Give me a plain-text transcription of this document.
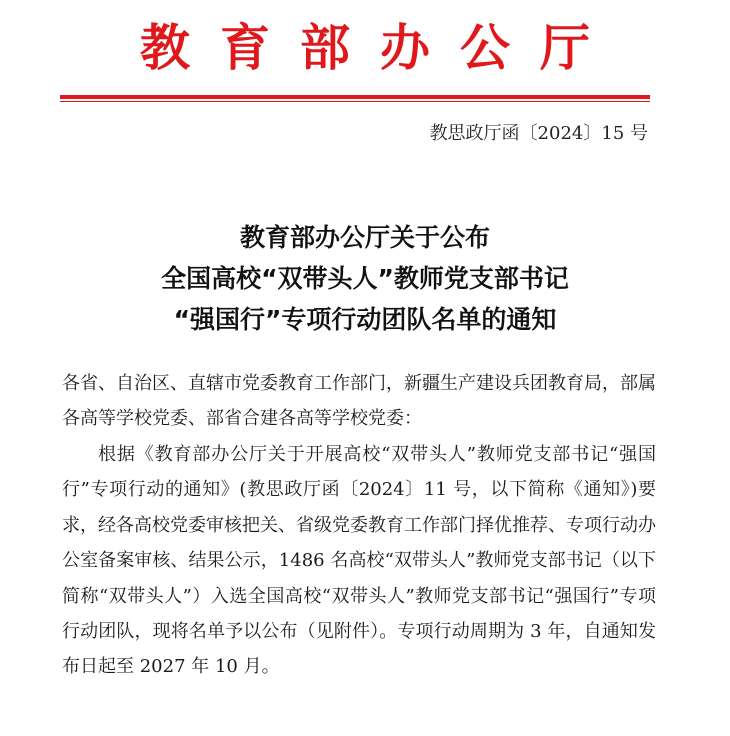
教育部办公厅
教思政厅函〔2024〕15 号
教育部办公厅关于公布
全国高校“双带头人”教师党支部书记
“强国行”专项行动团队名单的通知
各省、自治区、直辖市党委教育工作部门，新疆生产建设兵团教育局，部属各高等学校党委、部省合建各高等学校党委：
根据《教育部办公厅关于开展高校“双带头人”教师党支部书记“强国行”专项行动的通知》(教思政厅函〔2024〕11 号，以下简称《通知》)要求，经各高校党委审核把关、省级党委教育工作部门择优推荐、专项行动办公室备案审核、结果公示，1486 名高校“双带头人”教师党支部书记（以下简称“双带头人”）入选全国高校“双带头人”教师党支部书记“强国行”专项行动团队，现将名单予以公布（见附件）。专项行动周期为 3 年，自通知发布日起至 2027 年 10 月。
